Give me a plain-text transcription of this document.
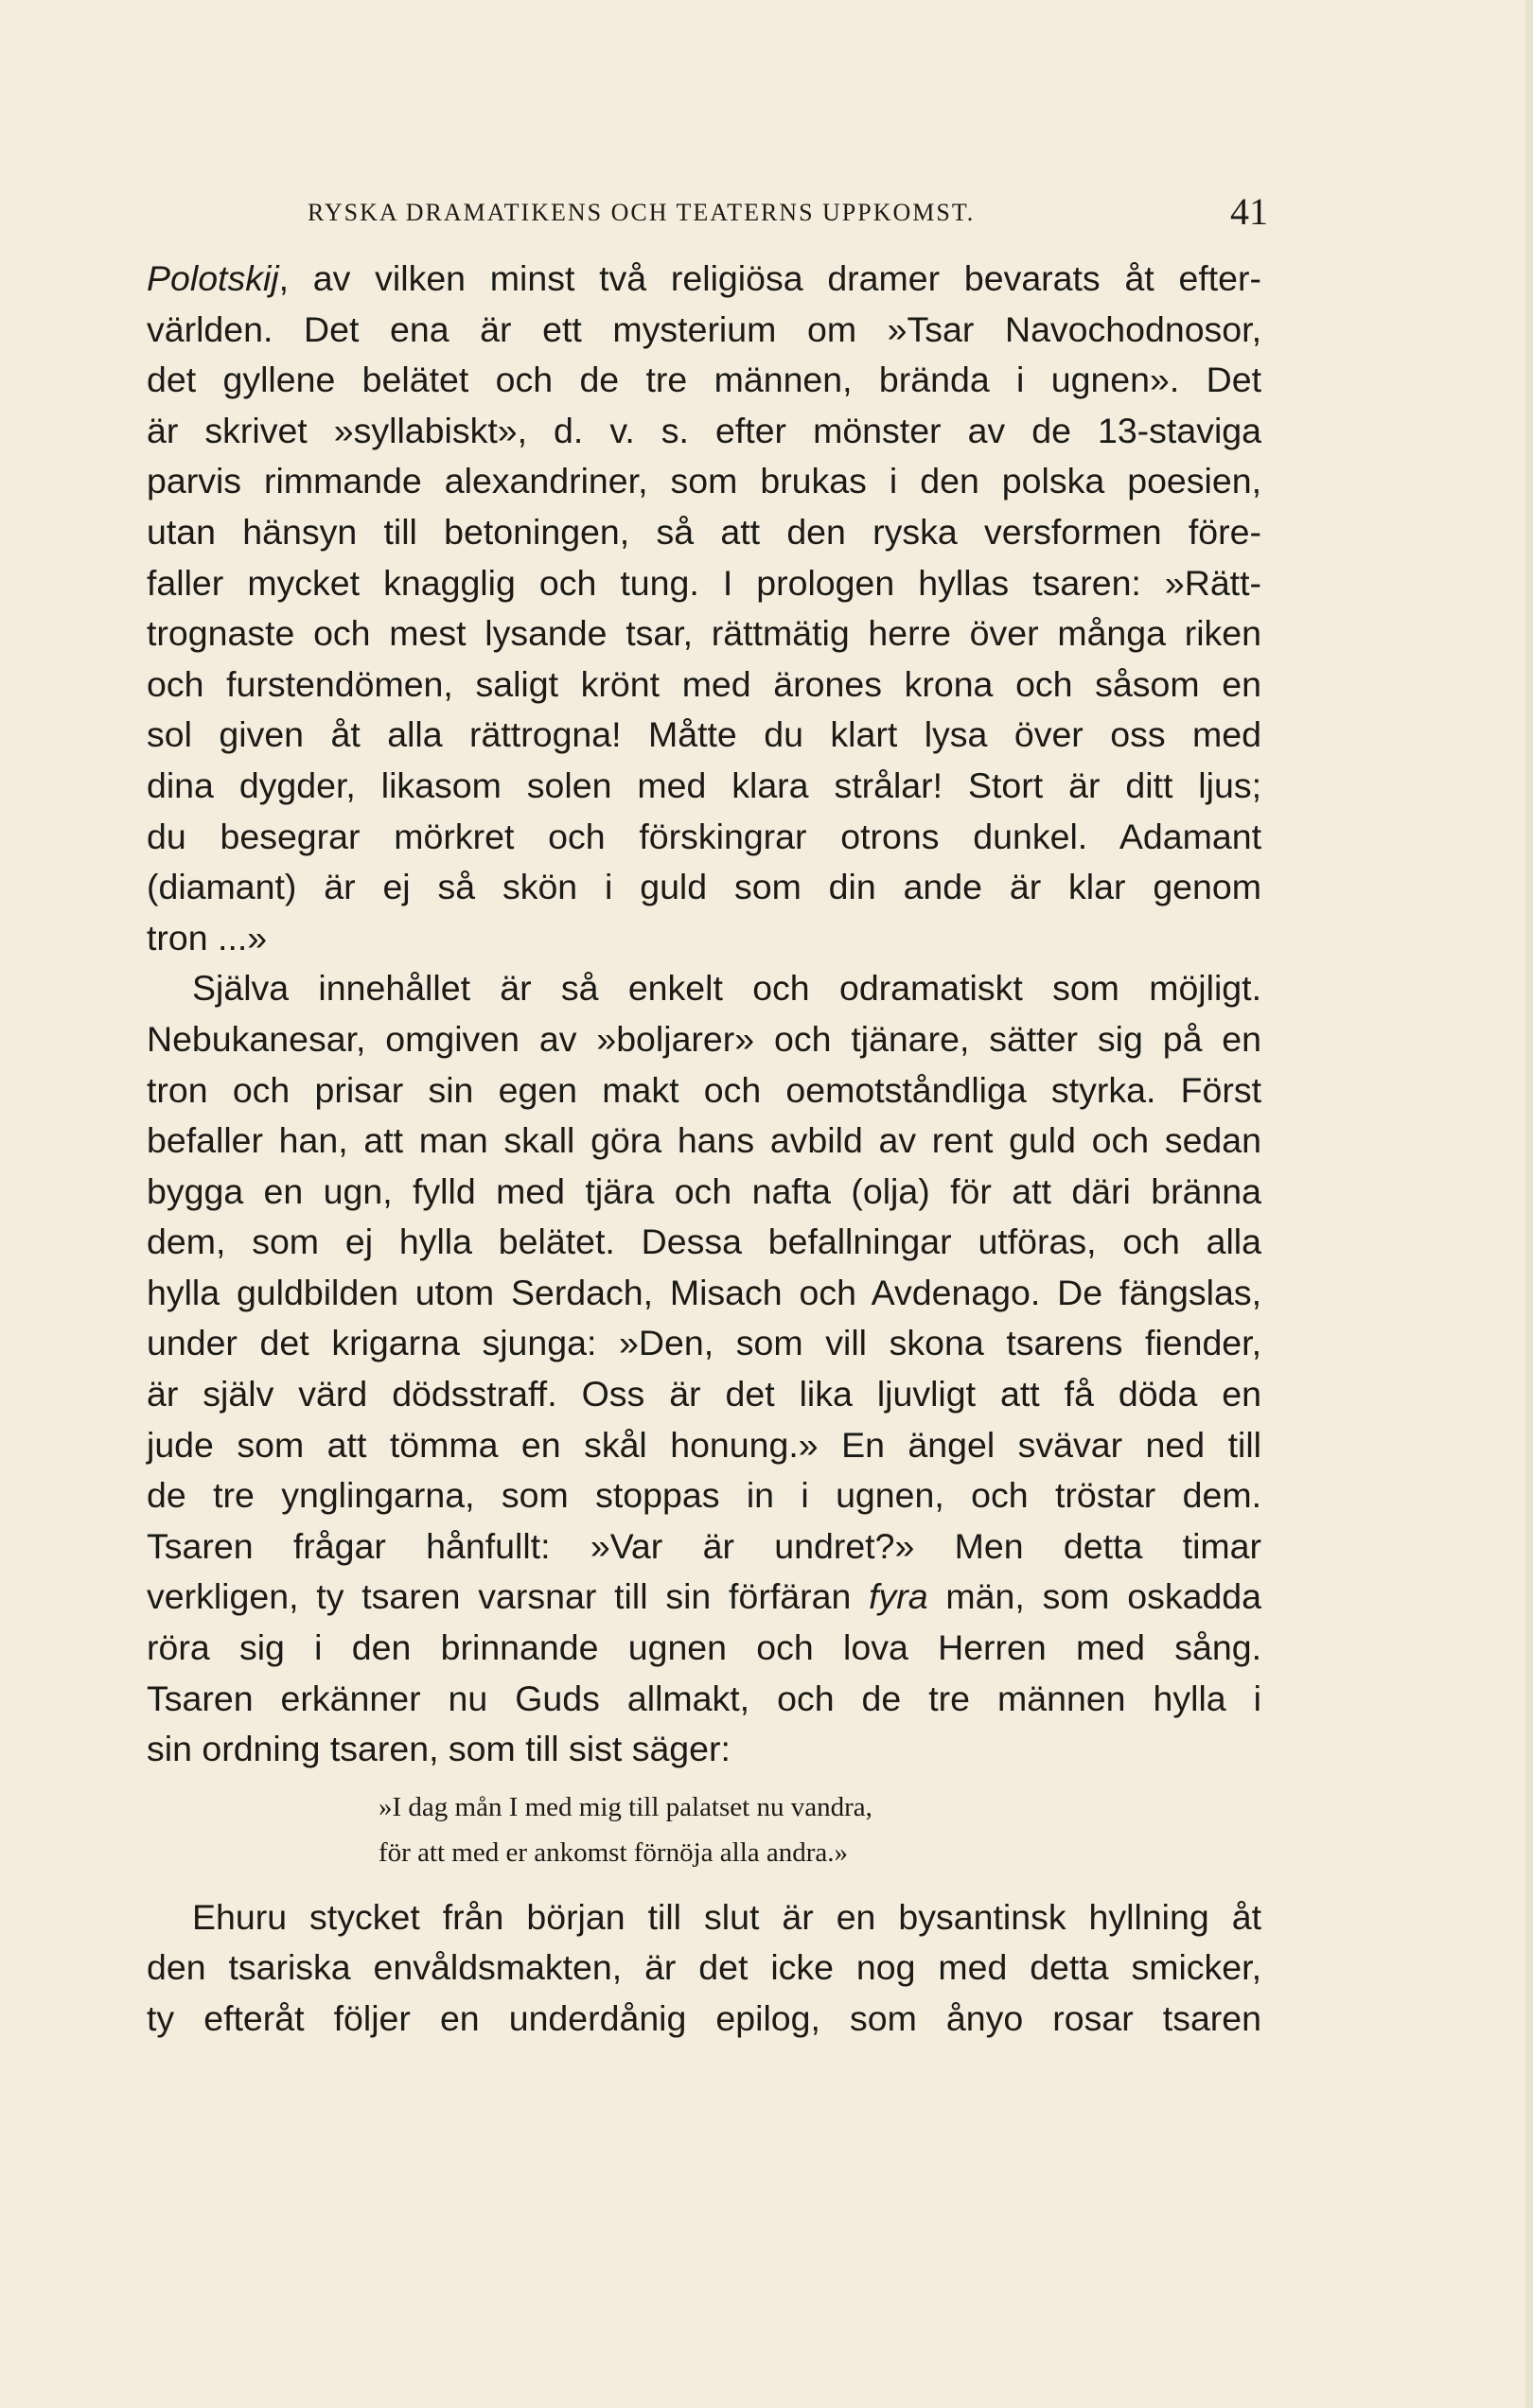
RYSKA DRAMATIKENS OCH TEATERNS UPPKOMST.	41
Polotskij, av vilken minst två religiösa dramer bevarats åt efter-
världen. Det ena är ett mysterium om »Tsar Navochodnosor,
det gyllene belätet och de tre männen, brända i ugnen». Det
är skrivet »syllabiskt», d. v. s. efter mönster av de 13-staviga
parvis rimmande alexandriner, som brukas i den polska poesien,
utan hänsyn till betoningen, så att den ryska versformen före-
faller mycket knagglig och tung. I prologen hyllas tsaren: »Rätt-
trognaste och mest lysande tsar, rättmätig herre över många riken
och furstendömen, saligt krönt med ärones krona och såsom en
sol given åt alla rättrogna! Måtte du klart lysa över oss med
dina dygder, likasom solen med klara strålar! Stort är ditt ljus;
du besegrar mörkret och förskingrar otrons dunkel. Adamant
(diamant) är ej så skön i guld som din ande är klar genom
tron ...»
Själva innehållet är så enkelt och odramatiskt som möjligt.
Nebukanesar, omgiven av »boljarer» och tjänare, sätter sig på en
tron och prisar sin egen makt och oemotståndliga styrka. Först
befaller han, att man skall göra hans avbild av rent guld och sedan
bygga en ugn, fylld med tjära och nafta (olja) för att däri bränna
dem, som ej hylla belätet. Dessa befallningar utföras, och alla
hylla guldbilden utom Serdach, Misach och Avdenago. De fängslas,
under det krigarna sjunga: »Den, som vill skona tsarens fiender,
är själv värd dödsstraff. Oss är det lika ljuvligt att få döda en
jude som att tömma en skål honung.» En ängel svävar ned till
de tre ynglingarna, som stoppas in i ugnen, och tröstar dem.
Tsaren frågar hånfullt: »Var är undret?» Men detta timar
verkligen, ty tsaren varsnar till sin förfäran fyra män, som oskadda
röra sig i den brinnande ugnen och lova Herren med sång.
Tsaren erkänner nu Guds allmakt, och de tre männen hylla i
sin ordning tsaren, som till sist säger:
»I dag mån I med mig till palatset nu vandra,
för att med er ankomst förnöja alla andra.»
Ehuru stycket från början till slut är en bysantinsk hyllning åt
den tsariska envåldsmakten, är det icke nog med detta smicker,
ty efteråt följer en underdånig epilog, som ånyo rosar tsaren
